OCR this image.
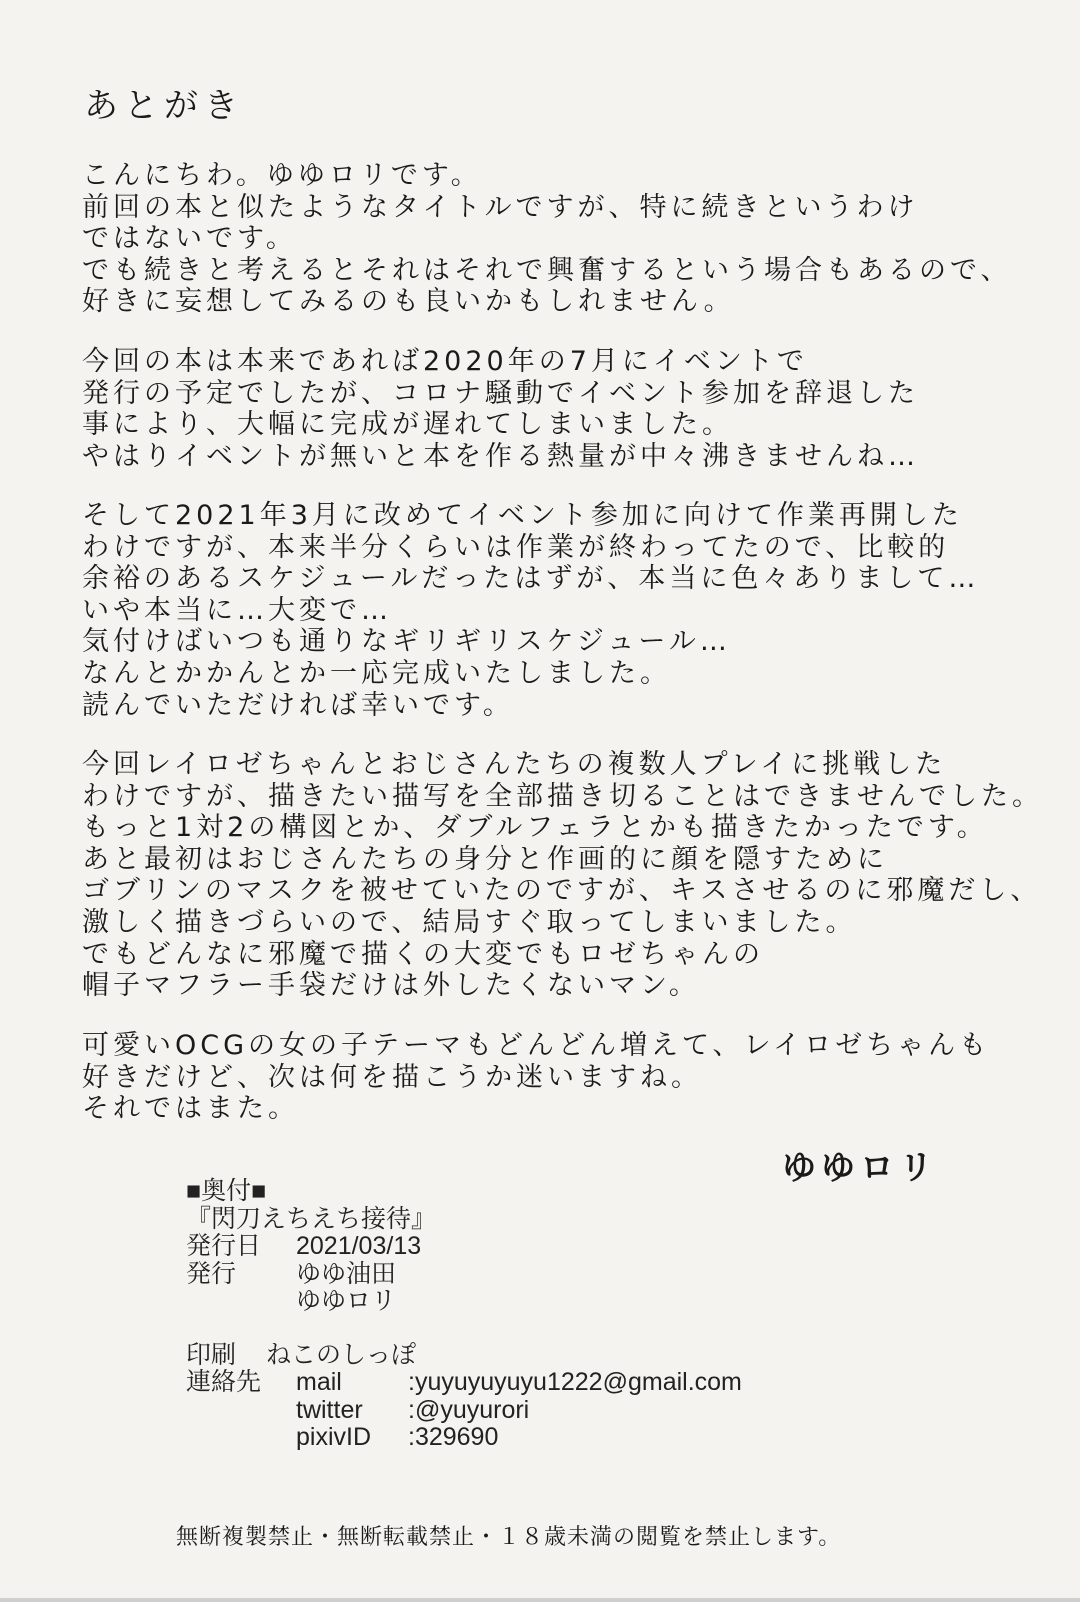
あとがき
こんにちわ。ゆゆロリです。
前回の本と似たようなタイトルですが、特に続きというわけ
ではないです。
でも続きと考えるとそれはそれで興奮するという場合もあるので、
好きに妄想してみるのも良いかもしれません。
今回の本は本来であれば2020年の7月にイベントで
発行の予定でしたが、コロナ騒動でイベント参加を辞退した
事により、大幅に完成が遅れてしまいました。
やはりイベントが無いと本を作る熱量が中々沸きませんね…
そして2021年3月に改めてイベント参加に向けて作業再開した
わけですが、本来半分くらいは作業が終わってたので、比較的
余裕のあるスケジュールだったはずが、本当に色々ありまして…
いや本当に…大変で…
気付けばいつも通りなギリギリスケジュール…
なんとかかんとか一応完成いたしました。
読んでいただければ幸いです。
今回レイロゼちゃんとおじさんたちの複数人プレイに挑戦した
わけですが、描きたい描写を全部描き切ることはできませんでした。
もっと1対2の構図とか、ダブルフェラとかも描きたかったです。
あと最初はおじさんたちの身分と作画的に顔を隠すために
ゴブリンのマスクを被せていたのですが、キスさせるのに邪魔だし、
激しく描きづらいので、結局すぐ取ってしまいました。
でもどんなに邪魔で描くの大変でもロゼちゃんの
帽子マフラー手袋だけは外したくないマン。
可愛いOCGの女の子テーマもどんどん増えて、レイロゼちゃんも
好きだけど、次は何を描こうか迷いますね。
それではまた。
ゆゆロリ
■奥付■
『閃刀えちえち接待』
発行日 2021/03/13
発行 ゆゆ油田
ゆゆロリ
印刷 ねこのしっぽ
連絡先 mail	:yuyuyuyuyu1222@gmail.com
twitter :@yuyurori
pixivID :329690
無断複製禁止・無断転載禁止・１８歳未満の閲覧を禁止します。
